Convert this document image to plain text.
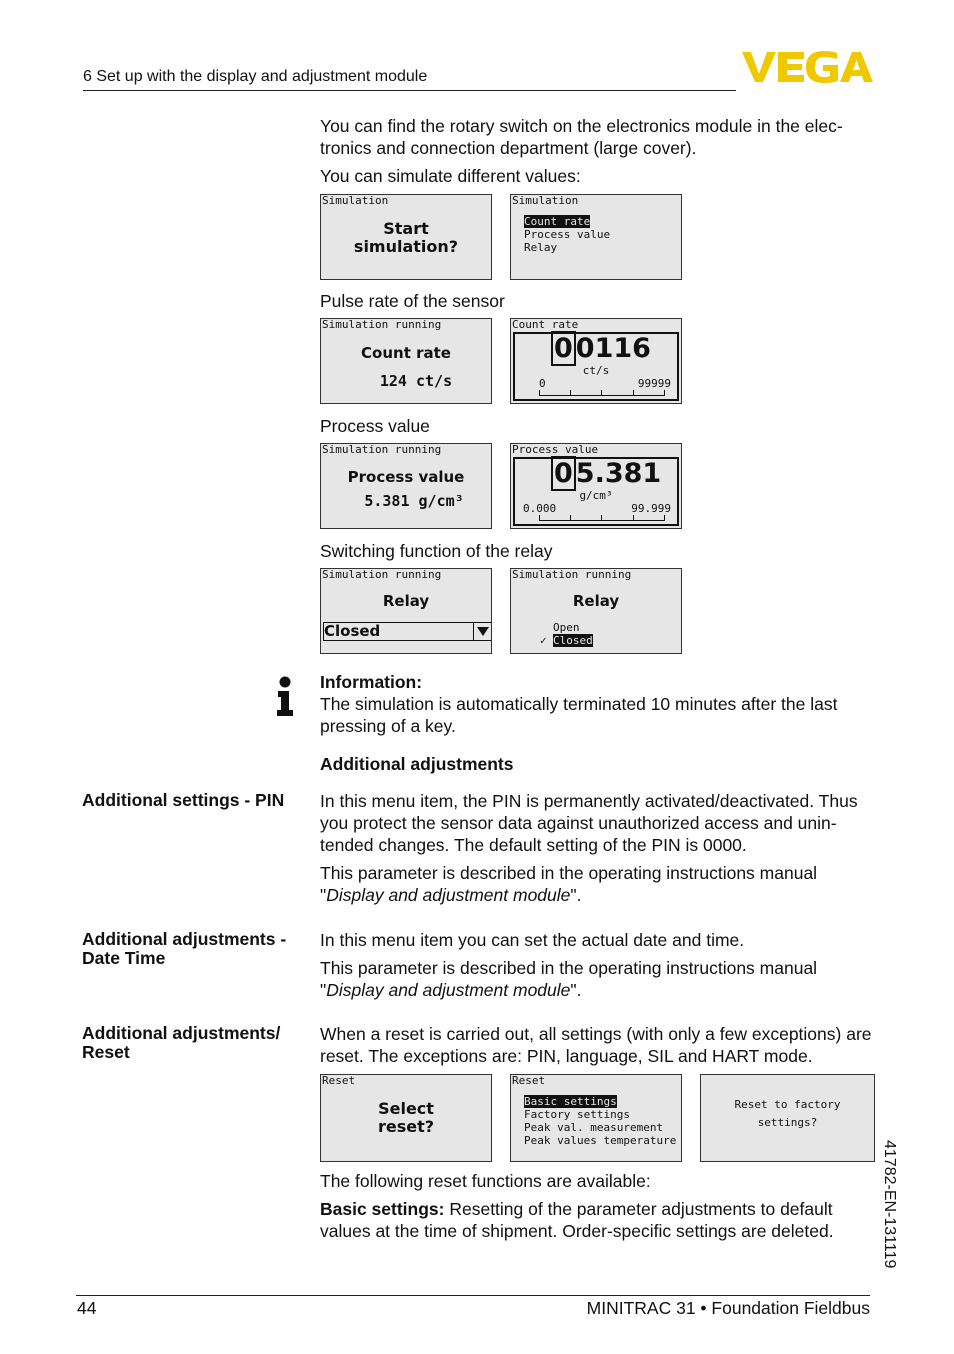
6 Set up with the display and adjustment module
You can find the rotary switch on the electronics module in the elec-tronics and connection department (large cover).
You can simulate different values:
Simulation
Start
simulation?
Simulation
Count rate
Process value
Relay
Pulse rate of the sensor
Simulation running
Count rate
124 ct/s
Count rate
0 0116
ct/s
0	99999
Process value
Simulation running
Process value
5.381 g/cm³
Process value
0 5.381
g/cm³
0.000	99.999
Switching function of the relay
Simulation running
Relay
Closed
Simulation running
Relay
Open
✓ Closed
Information:
The simulation is automatically terminated 10 minutes after the last pressing of a key.
Additional adjustments
Additional settings - PIN	In this menu item, the PIN is permanently activated/deactivated. Thus you protect the sensor data against unauthorized access and unin-tended changes. The default setting of the PIN is 0000.
This parameter is described in the operating instructions manual "Display and adjustment module".
Additional adjustments -
Date Time
In this menu item you can set the actual date and time.
This parameter is described in the operating instructions manual "Display and adjustment module".
Additional adjustments/
Reset
When a reset is carried out, all settings (with only a few exceptions) are reset. The exceptions are: PIN, language, SIL and HART mode.
Reset
Select
reset?
Reset
Basic settings
Factory settings
Peak val. measurement
Peak values temperature
Reset to factory
settings?
The following reset functions are available:
Basic settings: Resetting of the parameter adjustments to default values at the time of shipment. Order-specific settings are deleted.	41782-EN-131119
44	MINITRAC 31 • Foundation Fieldbus
